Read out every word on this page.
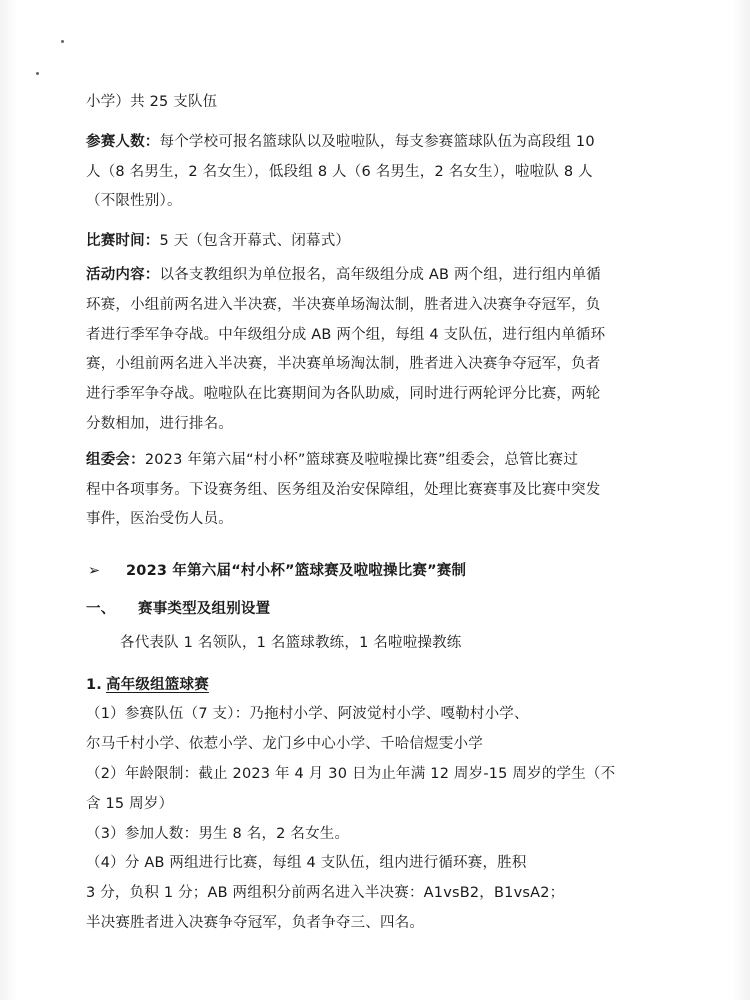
小学）共 25 支队伍

参赛人数：每个学校可报名篮球队以及啦啦队，每支参赛篮球队伍为高段组 10

人（8 名男生，2 名女生），低段组 8 人（6 名男生，2 名女生），啦啦队 8 人

（不限性别）。

比赛时间：5 天（包含开幕式、闭幕式）

活动内容：以各支教组织为单位报名，高年级组分成 AB 两个组，进行组内单循

环赛，小组前两名进入半决赛，半决赛单场淘汰制，胜者进入决赛争夺冠军，负

者进行季军争夺战。中年级组分成 AB 两个组，每组 4 支队伍，进行组内单循环

赛，小组前两名进入半决赛，半决赛单场淘汰制，胜者进入决赛争夺冠军，负者

进行季军争夺战。啦啦队在比赛期间为各队助威，同时进行两轮评分比赛，两轮

分数相加，进行排名。

组委会：2023 年第六届“村小杯”篮球赛及啦啦操比赛”组委会，总管比赛过

程中各项事务。下设赛务组、医务组及治安保障组，处理比赛赛事及比赛中突发

事件，医治受伤人员。

➢ 2023 年第六届“村小杯”篮球赛及啦啦操比赛”赛制

一、 赛事类型及组别设置

各代表队 1 名领队，1 名篮球教练，1 名啦啦操教练

1. 高年级组篮球赛

（1）参赛队伍（7 支）：乃拖村小学、阿波觉村小学、嘎勒村小学、

尔马千村小学、依惹小学、龙门乡中心小学、千哈信煜雯小学

（2）年龄限制：截止 2023 年 4 月 30 日为止年满 12 周岁-15 周岁的学生（不

含 15 周岁）

（3）参加人数：男生 8 名，2 名女生。

（4）分 AB 两组进行比赛，每组 4 支队伍，组内进行循环赛，胜积

3 分，负积 1 分；AB 两组积分前两名进入半决赛：A1vsB2，B1vsA2；

半决赛胜者进入决赛争夺冠军，负者争夺三、四名。
